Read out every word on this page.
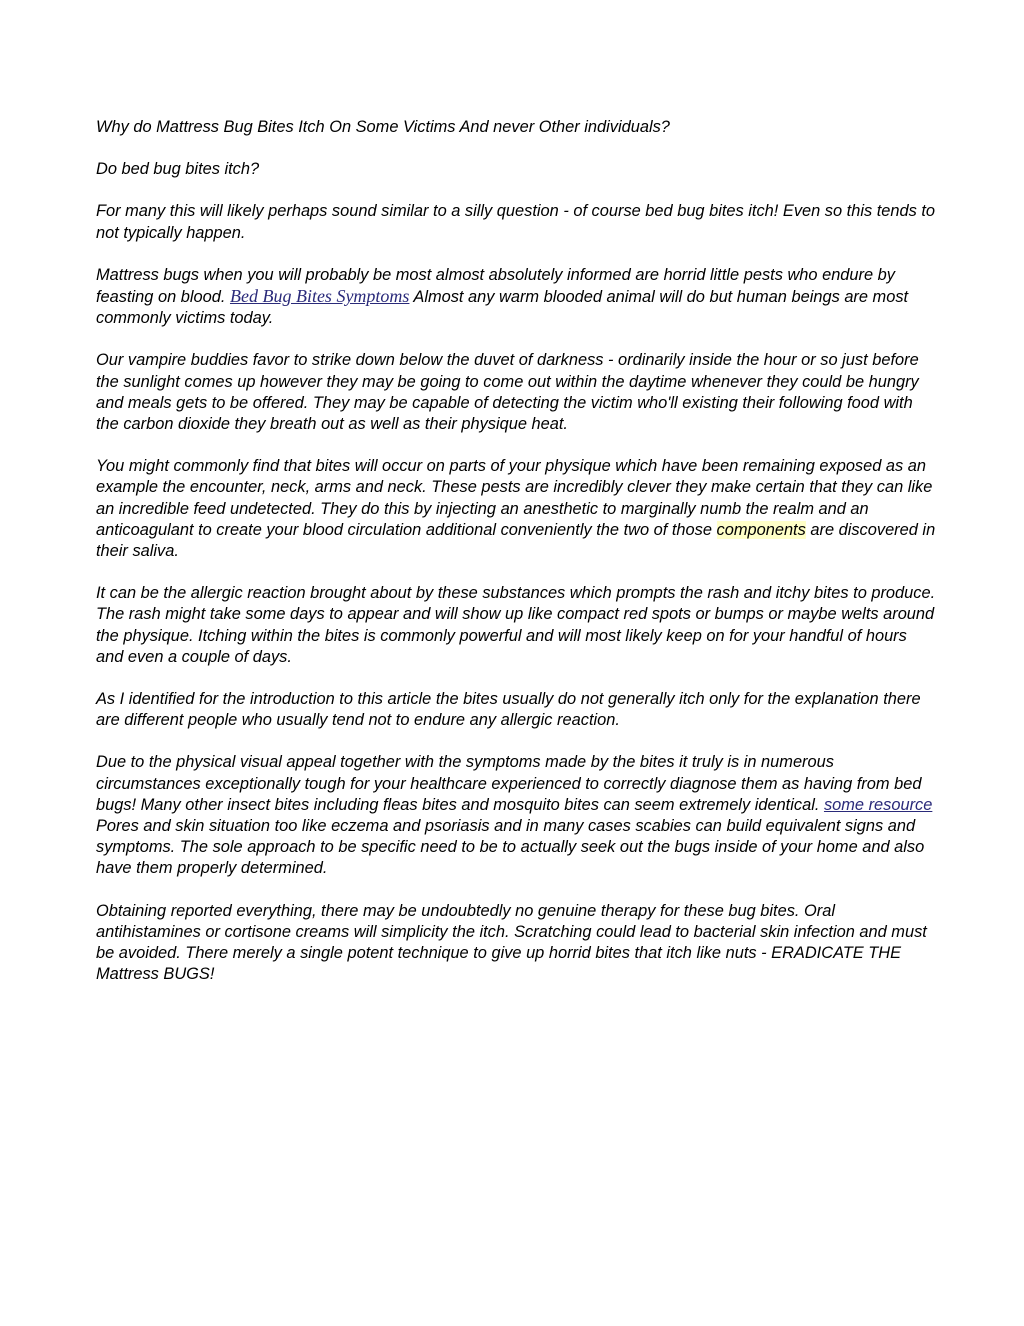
Why do Mattress Bug Bites Itch On Some Victims And never Other individuals?

Do bed bug bites itch?

For many this will likely perhaps sound similar to a silly question - of course bed bug bites itch! Even so this tends to not typically happen.

Mattress bugs when you will probably be most almost absolutely informed are horrid little pests who endure by feasting on blood. Bed Bug Bites Symptoms Almost any warm blooded animal will do but human beings are most commonly victims today.

Our vampire buddies favor to strike down below the duvet of darkness - ordinarily inside the hour or so just before the sunlight comes up however they may be going to come out within the daytime whenever they could be hungry and meals gets to be offered. They may be capable of detecting the victim who'll existing their following food with the carbon dioxide they breath out as well as their physique heat.

You might commonly find that bites will occur on parts of your physique which have been remaining exposed as an example the encounter, neck, arms and neck. These pests are incredibly clever they make certain that they can like an incredible feed undetected. They do this by injecting an anesthetic to marginally numb the realm and an anticoagulant to create your blood circulation additional conveniently the two of those components are discovered in their saliva.

It can be the allergic reaction brought about by these substances which prompts the rash and itchy bites to produce. The rash might take some days to appear and will show up like compact red spots or bumps or maybe welts around the physique. Itching within the bites is commonly powerful and will most likely keep on for your handful of hours and even a couple of days.

As I identified for the introduction to this article the bites usually do not generally itch only for the explanation there are different people who usually tend not to endure any allergic reaction.

Due to the physical visual appeal together with the symptoms made by the bites it truly is in numerous circumstances exceptionally tough for your healthcare experienced to correctly diagnose them as having from bed bugs! Many other insect bites including fleas bites and mosquito bites can seem extremely identical. some resource Pores and skin situation too like eczema and psoriasis and in many cases scabies can build equivalent signs and symptoms. The sole approach to be specific need to be to actually seek out the bugs inside of your home and also have them properly determined.

Obtaining reported everything, there may be undoubtedly no genuine therapy for these bug bites. Oral antihistamines or cortisone creams will simplicity the itch. Scratching could lead to bacterial skin infection and must be avoided. There merely a single potent technique to give up horrid bites that itch like nuts - ERADICATE THE Mattress BUGS!
